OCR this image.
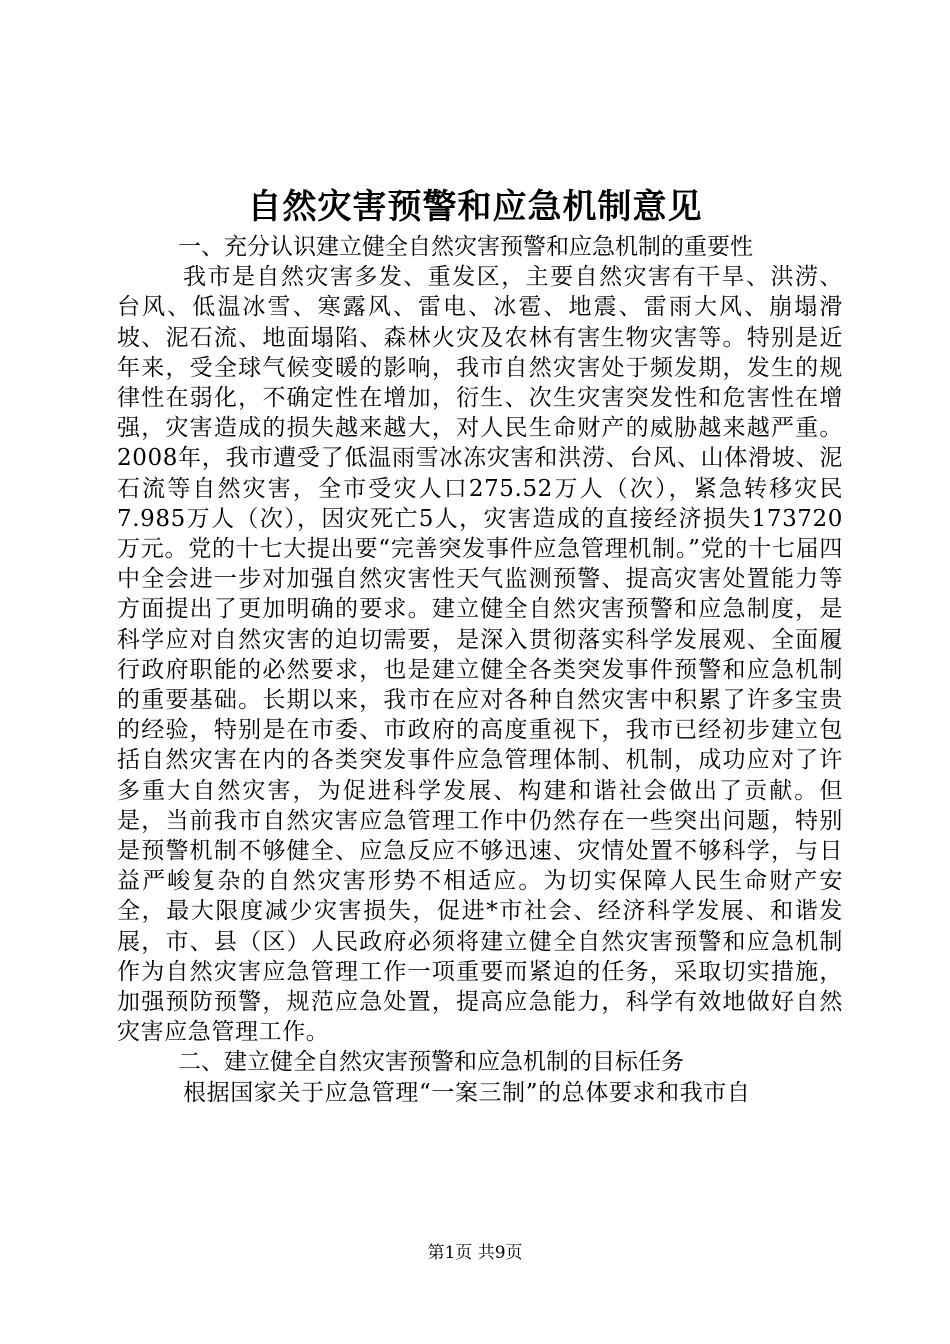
自然灾害预警和应急机制意见
一、充分认识建立健全自然灾害预警和应急机制的重要性

我市是自然灾害多发、重发区，主要自然灾害有干旱、洪涝、台风、低温冰雪、寒露风、雷电、冰雹、地震、雷雨大风、崩塌滑坡、泥石流、地面塌陷、森林火灾及农林有害生物灾害等。特别是近年来，受全球气候变暖的影响，我市自然灾害处于频发期，发生的规律性在弱化，不确定性在增加，衍生、次生灾害突发性和危害性在增强，灾害造成的损失越来越大，对人民生命财产的威胁越来越严重。2008年，我市遭受了低温雨雪冰冻灾害和洪涝、台风、山体滑坡、泥石流等自然灾害，全市受灾人口275.52万人（次），紧急转移灾民7.985万人（次），因灾死亡5人，灾害造成的直接经济损失173720万元。党的十七大提出要“完善突发事件应急管理机制。”党的十七届四中全会进一步对加强自然灾害性天气监测预警、提高灾害处置能力等方面提出了更加明确的要求。建立健全自然灾害预警和应急制度，是科学应对自然灾害的迫切需要，是深入贯彻落实科学发展观、全面履行政府职能的必然要求，也是建立健全各类突发事件预警和应急机制的重要基础。长期以来，我市在应对各种自然灾害中积累了许多宝贵的经验，特别是在市委、市政府的高度重视下，我市已经初步建立包括自然灾害在内的各类突发事件应急管理体制、机制，成功应对了许多重大自然灾害，为促进科学发展、构建和谐社会做出了贡献。但是，当前我市自然灾害应急管理工作中仍然存在一些突出问题，特别是预警机制不够健全、应急反应不够迅速、灾情处置不够科学，与日益严峻复杂的自然灾害形势不相适应。为切实保障人民生命财产安全，最大限度减少灾害损失，促进*市社会、经济科学发展、和谐发展，市、县（区）人民政府必须将建立健全自然灾害预警和应急机制作为自然灾害应急管理工作一项重要而紧迫的任务，采取切实措施，加强预防预警，规范应急处置，提高应急能力，科学有效地做好自然灾害应急管理工作。

二、建立健全自然灾害预警和应急机制的目标任务

根据国家关于应急管理“一案三制”的总体要求和我市自

第1页 共9页
